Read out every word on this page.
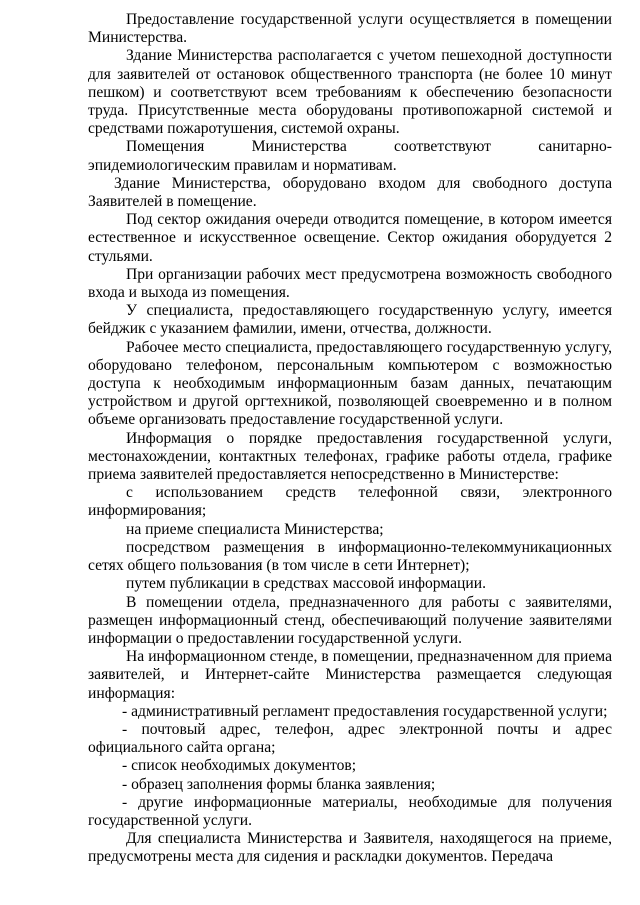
Предоставление государственной услуги осуществляется в помещении Министерства.

Здание Министерства располагается с учетом пешеходной доступности для заявителей от остановок общественного транспорта (не более 10 минут пешком) и соответствуют всем требованиям к обеспечению безопасности труда. Присутственные места оборудованы противопожарной системой и средствами пожаротушения, системой охраны.

Помещения Министерства соответствуют санитарно-эпидемиологическим правилам и нормативам.

Здание Министерства, оборудовано входом для свободного доступа Заявителей в помещение.

Под сектор ожидания очереди отводится помещение, в котором имеется естественное и искусственное освещение. Сектор ожидания оборудуется 2 стульями.

При организации рабочих мест предусмотрена возможность свободного входа и выхода из помещения.

У специалиста, предоставляющего государственную услугу, имеется бейджик с указанием фамилии, имени, отчества, должности.

Рабочее место специалиста, предоставляющего государственную услугу, оборудовано телефоном, персональным компьютером с возможностью доступа к необходимым информационным базам данных, печатающим устройством и другой оргтехникой, позволяющей своевременно и в полном объеме организовать предоставление государственной услуги.

Информация о порядке предоставления государственной услуги, местонахождении, контактных телефонах, графике работы отдела, графике приема заявителей предоставляется непосредственно в Министерстве:

с использованием средств телефонной связи, электронного информирования;

на приеме специалиста Министерства;

посредством размещения в информационно-телекоммуникационных сетях общего пользования (в том числе в сети Интернет);

путем публикации в средствах массовой информации.

В помещении отдела, предназначенного для работы с заявителями, размещен информационный стенд, обеспечивающий получение заявителями информации о предоставлении государственной услуги.

На информационном стенде, в помещении, предназначенном для приема заявителей, и Интернет-сайте Министерства размещается следующая информация:

- административный регламент предоставления государственной услуги;

- почтовый адрес, телефон, адрес электронной почты и адрес официального сайта органа;

- список необходимых документов;

- образец заполнения формы бланка заявления;

- другие информационные материалы, необходимые для получения государственной услуги.

Для специалиста Министерства и Заявителя, находящегося на приеме, предусмотрены места для сидения и раскладки документов. Передача
